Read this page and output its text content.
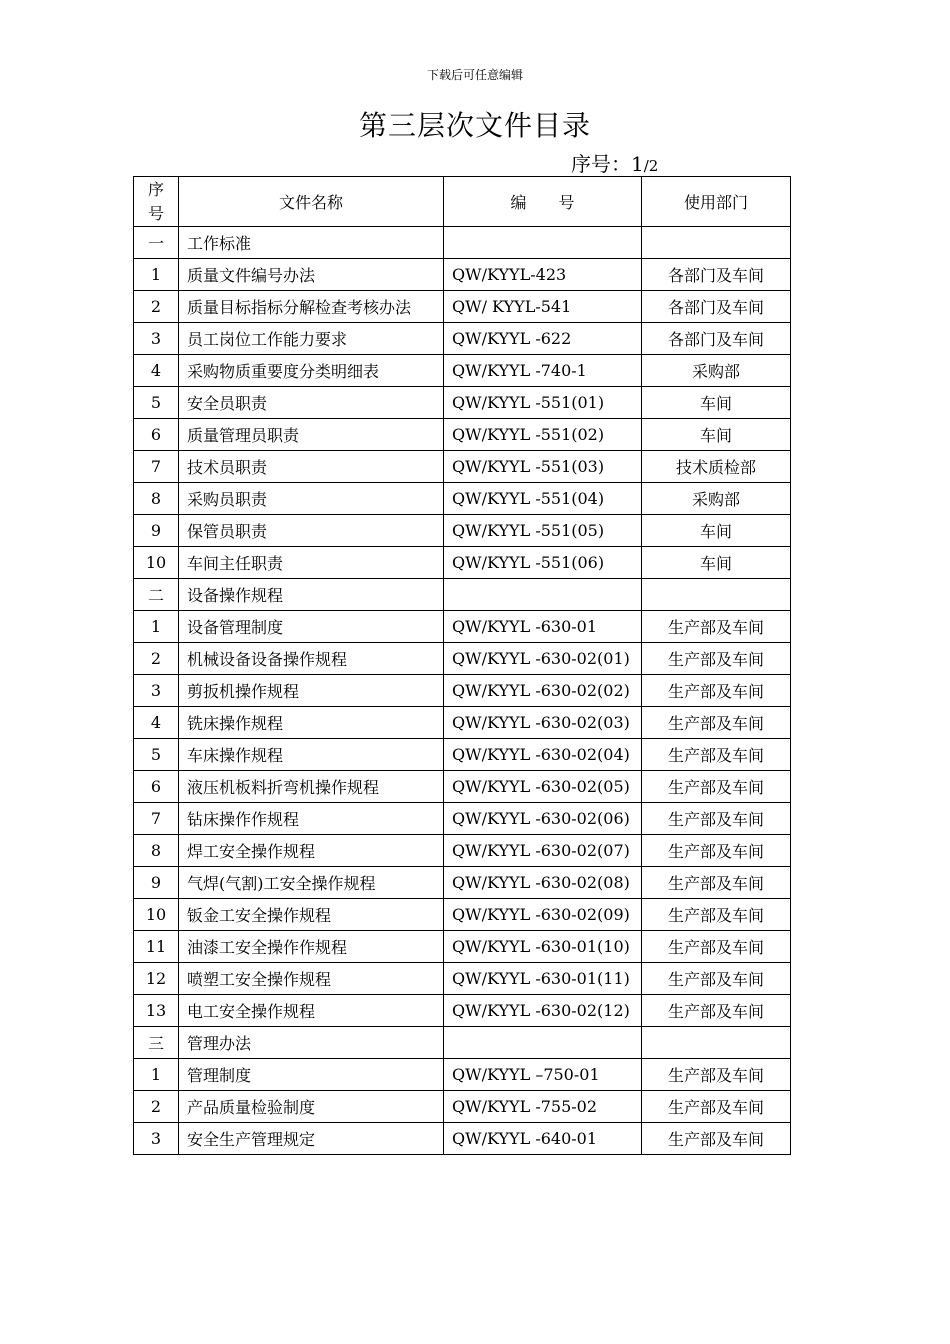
下载后可任意编辑
第三层次文件目录
序号：1/2
序
号	文件名称	编　　号	使用部门
一	工作标准		
1	质量文件编号办法	QW/KYYL-423	各部门及车间
2	质量目标指标分解检查考核办法	QW/ KYYL-541	各部门及车间
3	员工岗位工作能力要求	QW/KYYL -622	各部门及车间
4	采购物质重要度分类明细表	QW/KYYL -740-1	采购部
5	安全员职责	QW/KYYL -551(01)	车间
6	质量管理员职责	QW/KYYL -551(02)	车间
7	技术员职责	QW/KYYL -551(03)	技术质检部
8	采购员职责	QW/KYYL -551(04)	采购部
9	保管员职责	QW/KYYL -551(05)	车间
10	车间主任职责	QW/KYYL -551(06)	车间
二	设备操作规程		
1	设备管理制度	QW/KYYL -630-01	生产部及车间
2	机械设备设备操作规程	QW/KYYL -630-02(01)	生产部及车间
3	剪扳机操作规程	QW/KYYL -630-02(02)	生产部及车间
4	铣床操作规程	QW/KYYL -630-02(03)	生产部及车间
5	车床操作规程	QW/KYYL -630-02(04)	生产部及车间
6	液压机板料折弯机操作规程	QW/KYYL -630-02(05)	生产部及车间
7	钻床操作作规程	QW/KYYL -630-02(06)	生产部及车间
8	焊工安全操作规程	QW/KYYL -630-02(07)	生产部及车间
9	气焊(气割)工安全操作规程	QW/KYYL -630-02(08)	生产部及车间
10	钣金工安全操作规程	QW/KYYL -630-02(09)	生产部及车间
11	油漆工安全操作作规程	QW/KYYL -630-01(10)	生产部及车间
12	喷塑工安全操作规程	QW/KYYL -630-01(11)	生产部及车间
13	电工安全操作规程	QW/KYYL -630-02(12)	生产部及车间
三	管理办法		
1	管理制度	QW/KYYL –750-01	生产部及车间
2	产品质量检验制度	QW/KYYL -755-02	生产部及车间
3	安全生产管理规定	QW/KYYL -640-01	生产部及车间
